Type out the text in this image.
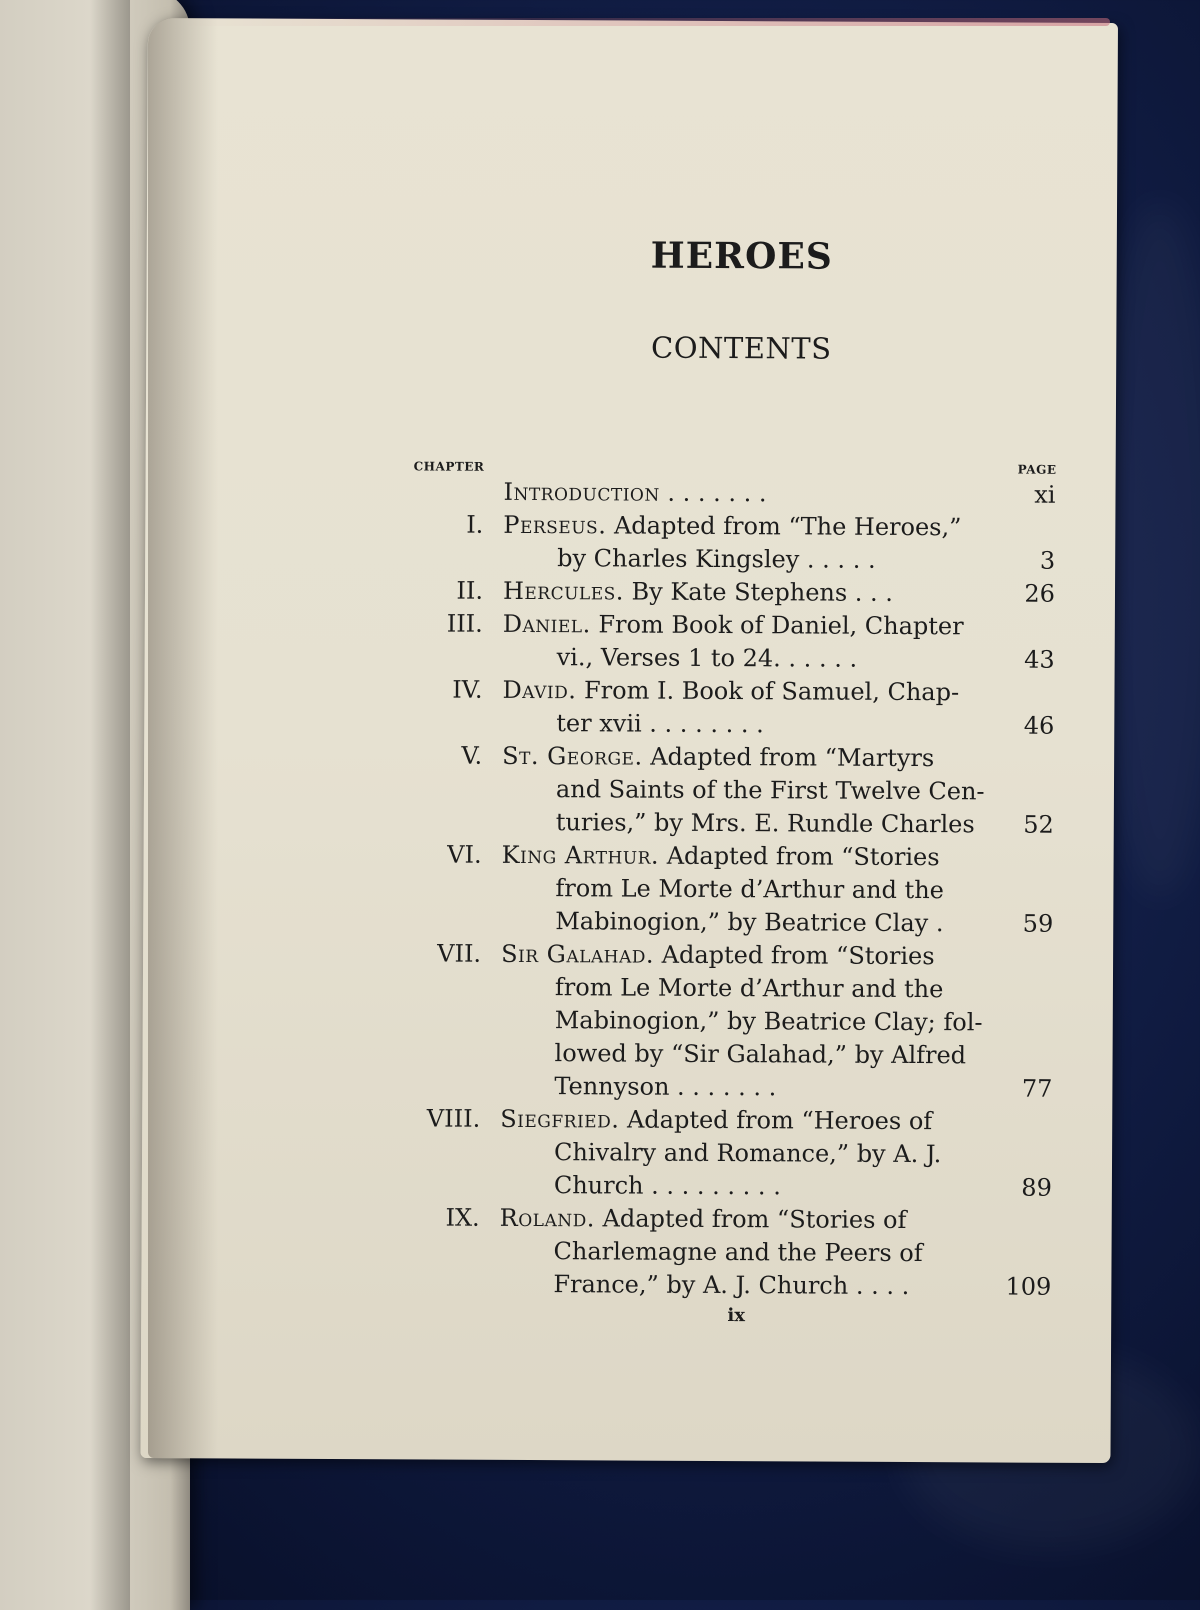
HEROES
CONTENTS
CHAPTER	PAGE
Introduction . . . . . . .	xi
I. Perseus. Adapted from “The Heroes,”
by Charles Kingsley . . . . .	3
II. Hercules. By Kate Stephens . . .	26
III. Daniel. From Book of Daniel, Chapter
vi., Verses 1 to 24. . . . . .	43
IV. David. From I. Book of Samuel, Chap-
ter xvii . . . . . . . .	46
V. St. George. Adapted from “Martyrs
and Saints of the First Twelve Cen-
turies,” by Mrs. E. Rundle Charles	52
VI. King Arthur. Adapted from “Stories
from Le Morte d’Arthur and the
Mabinogion,” by Beatrice Clay .	59
VII. Sir Galahad. Adapted from “Stories
from Le Morte d’Arthur and the
Mabinogion,” by Beatrice Clay; fol-
lowed by “Sir Galahad,” by Alfred
Tennyson . . . . . . .	77
VIII. Siegfried. Adapted from “Heroes of
Chivalry and Romance,” by A. J.
Church . . . . . . . . .	89
IX. Roland. Adapted from “Stories of
Charlemagne and the Peers of
France,” by A. J. Church . . . .	109
ix
